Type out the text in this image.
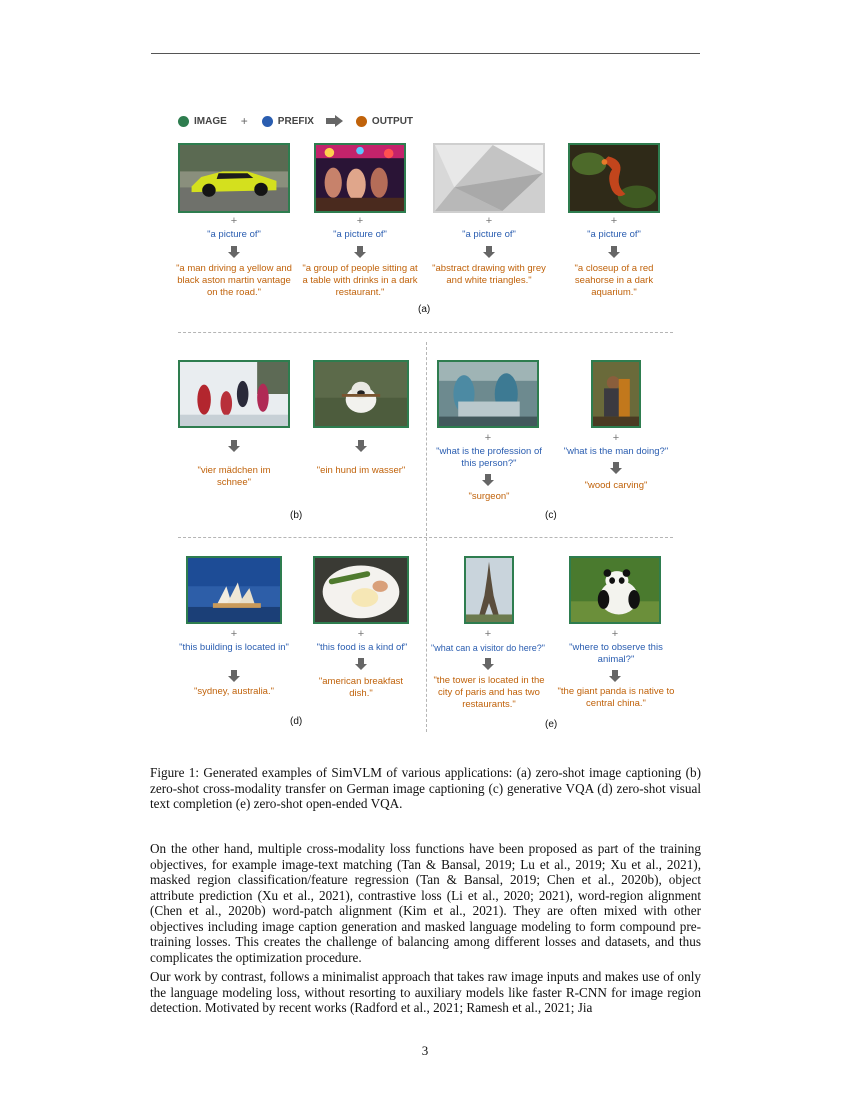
IMAGE +	PREFIX	OUTPUT
+	+	+	+
"a picture of"	"a picture of"	"a picture of"	"a picture of"
"a man driving a yellow and black aston martin vantage on the road."
"a group of people sitting at a table with drinks in a dark restaurant."
"abstract drawing with grey and white triangles."
"a closeup of a red seahorse in a dark aquarium."
(a)
"vier mädchen im schnee"
"ein hund im wasser"
(b)
+	+
"what is the profession of this person?"
"what is the man doing?"
"surgeon"
"wood carving"
(c)
+	+
"this building is located in"	"this food is a kind of"
"sydney, australia."
"american breakfast dish."
(d)
+	+
"what can a visitor do here?"	"where to observe this animal?"
"the tower is located in the city of paris and has two restaurants."
"the giant panda is native to central china."
(e)
Figure 1: Generated examples of SimVLM of various applications: (a) zero-shot image captioning (b) zero-shot cross-modality transfer on German image captioning (c) generative VQA (d) zero-shot visual text completion (e) zero-shot open-ended VQA.

On the other hand, multiple cross-modality loss functions have been proposed as part of the training objectives, for example image-text matching (Tan & Bansal, 2019; Lu et al., 2019; Xu et al., 2021), masked region classification/feature regression (Tan & Bansal, 2019; Chen et al., 2020b), object attribute prediction (Xu et al., 2021), contrastive loss (Li et al., 2020; 2021), word-region alignment (Chen et al., 2020b) word-patch alignment (Kim et al., 2021). They are often mixed with other objectives including image caption generation and masked language modeling to form compound pre-training losses. This creates the challenge of balancing among different losses and datasets, and thus complicates the optimization procedure.

Our work by contrast, follows a minimalist approach that takes raw image inputs and makes use of only the language modeling loss, without resorting to auxiliary models like faster R-CNN for image region detection. Motivated by recent works (Radford et al., 2021; Ramesh et al., 2021; Jia

3
